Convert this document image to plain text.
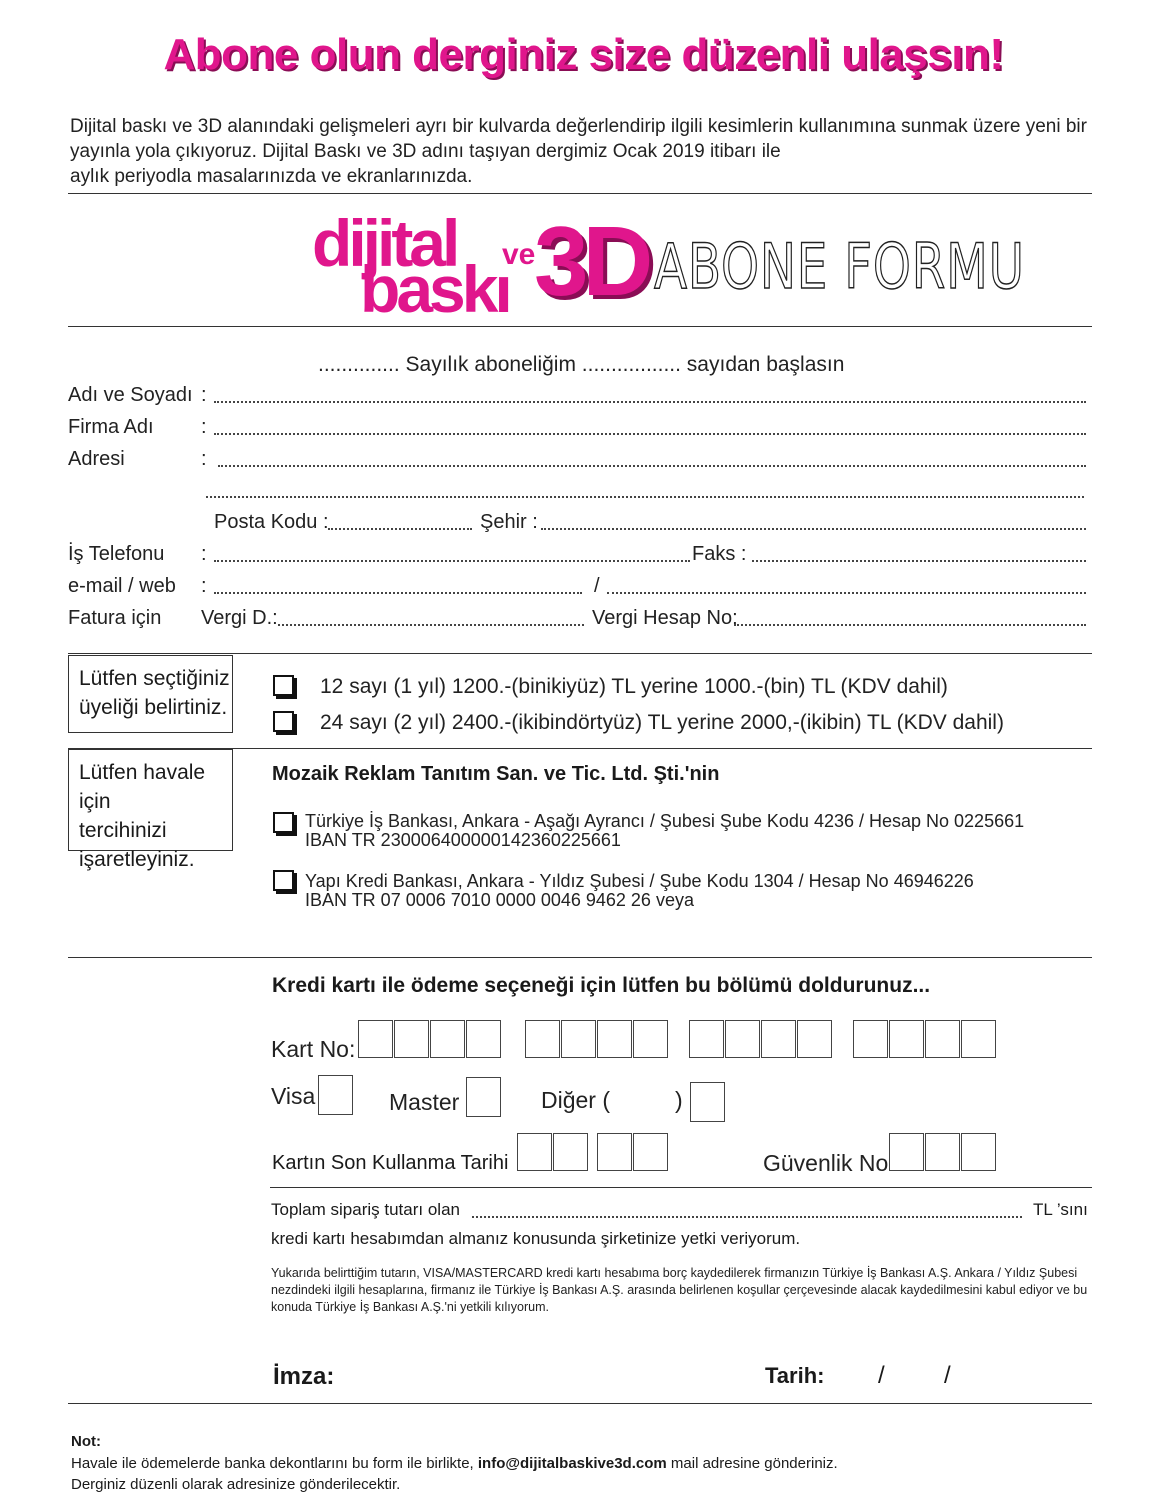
Abone olun derginiz size düzenli ulaşsın!
Dijital baskı ve 3D alanındaki gelişmeleri ayrı bir kulvarda değerlendirip ilgili kesimlerin kullanımına sunmak üzere yeni bir
yayınla yola çıkıyoruz. Dijital Baskı ve 3D adını taşıyan dergimiz Ocak 2019 itibarı ile
aylık periyodla masalarınızda ve ekranlarınızda.
dijital
baskı
ve
3D ABONE FORMU
.............. Sayılık aboneliğim ................. sayıdan başlasın
Adı ve Soyadı :
Firma Adı :
Adresi	:
Posta Kodu :	Şehir :
İş Telefonu :	Faks :
e-mail / web :	/
Fatura için Vergi D.:	Vergi Hesap No:
Lütfen seçtiğiniz
üyeliği belirtiniz.
12 sayı (1 yıl) 1200.-(binikiyüz) TL yerine 1000.-(bin) TL (KDV dahil)
24 sayı (2 yıl) 2400.-(ikibindörtyüz) TL yerine 2000,-(ikibin) TL (KDV dahil)
Lütfen havale için
tercihinizi
işaretleyiniz.
Mozaik Reklam Tanıtım San. ve Tic. Ltd. Şti.'nin
Türkiye İş Bankası, Ankara - Aşağı Ayrancı / Şubesi Şube Kodu 4236 / Hesap No 0225661
IBAN TR 230006400000142360225661
Yapı Kredi Bankası, Ankara - Yıldız Şubesi / Şube Kodu 1304 / Hesap No 46946226
IBAN TR 07 0006 7010 0000 0046 9462 26 veya
Kredi kartı ile ödeme seçeneği için lütfen bu bölümü doldurunuz...
Kart No:
Visa	Master	Diğer (	)
Kartın Son Kullanma Tarihi	Güvenlik No
Toplam sipariş tutarı olan	TL ’sını
kredi kartı hesabımdan almanız konusunda şirketinize yetki veriyorum.
Yukarıda belirttiğim tutarın, VISA/MASTERCARD kredi kartı hesabıma borç kaydedilerek firmanızın Türkiye İş Bankası A.Ş. Ankara / Yıldız Şubesi
nezdindeki ilgili hesaplarına, firmanız ile Türkiye İş Bankası A.Ş. arasında belirlenen koşullar çerçevesinde alacak kaydedilmesini kabul ediyor ve bu
konuda Türkiye İş Bankası A.Ş.'ni yetkili kılıyorum.
İmza:	Tarih: / /
Not:
Havale ile ödemelerde banka dekontlarını bu form ile birlikte, info@dijitalbaskive3d.com mail adresine gönderiniz.
Derginiz düzenli olarak adresinize gönderilecektir.
